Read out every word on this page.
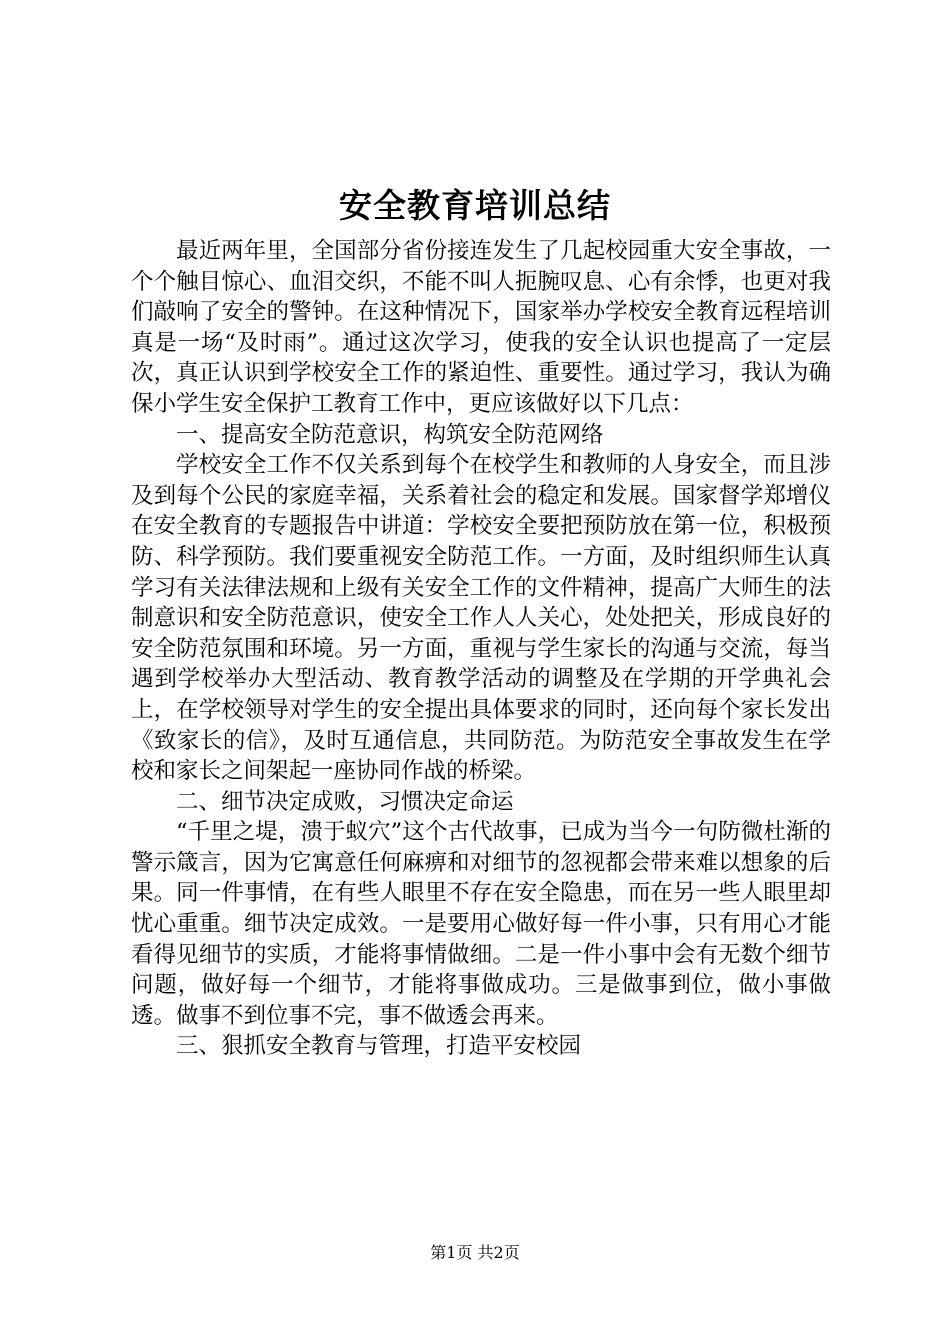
安全教育培训总结

最近两年里，全国部分省份接连发生了几起校园重大安全事故，一个个触目惊心、血泪交织，不能不叫人扼腕叹息、心有余悸，也更对我们敲响了安全的警钟。在这种情况下，国家举办学校安全教育远程培训真是一场“及时雨”。通过这次学习，使我的安全认识也提高了一定层次，真正认识到学校安全工作的紧迫性、重要性。通过学习，我认为确保小学生安全保护工教育工作中，更应该做好以下几点：

一、提高安全防范意识，构筑安全防范网络

学校安全工作不仅关系到每个在校学生和教师的人身安全，而且涉及到每个公民的家庭幸福，关系着社会的稳定和发展。国家督学郑增仪在安全教育的专题报告中讲道：学校安全要把预防放在第一位，积极预防、科学预防。我们要重视安全防范工作。一方面，及时组织师生认真学习有关法律法规和上级有关安全工作的文件精神，提高广大师生的法制意识和安全防范意识，使安全工作人人关心，处处把关，形成良好的安全防范氛围和环境。另一方面，重视与学生家长的沟通与交流，每当遇到学校举办大型活动、教育教学活动的调整及在学期的开学典礼会上，在学校领导对学生的安全提出具体要求的同时，还向每个家长发出《致家长的信》，及时互通信息，共同防范。为防范安全事故发生在学校和家长之间架起一座协同作战的桥梁。

二、细节决定成败，习惯决定命运

“千里之堤，溃于蚁穴”这个古代故事，已成为当今一句防微杜渐的警示箴言，因为它寓意任何麻痹和对细节的忽视都会带来难以想象的后果。同一件事情，在有些人眼里不存在安全隐患，而在另一些人眼里却忧心重重。细节决定成效。一是要用心做好每一件小事，只有用心才能看得见细节的实质，才能将事情做细。二是一件小事中会有无数个细节问题，做好每一个细节，才能将事做成功。三是做事到位，做小事做透。做事不到位事不完，事不做透会再来。

三、狠抓安全教育与管理，打造平安校园

第1页 共2页
